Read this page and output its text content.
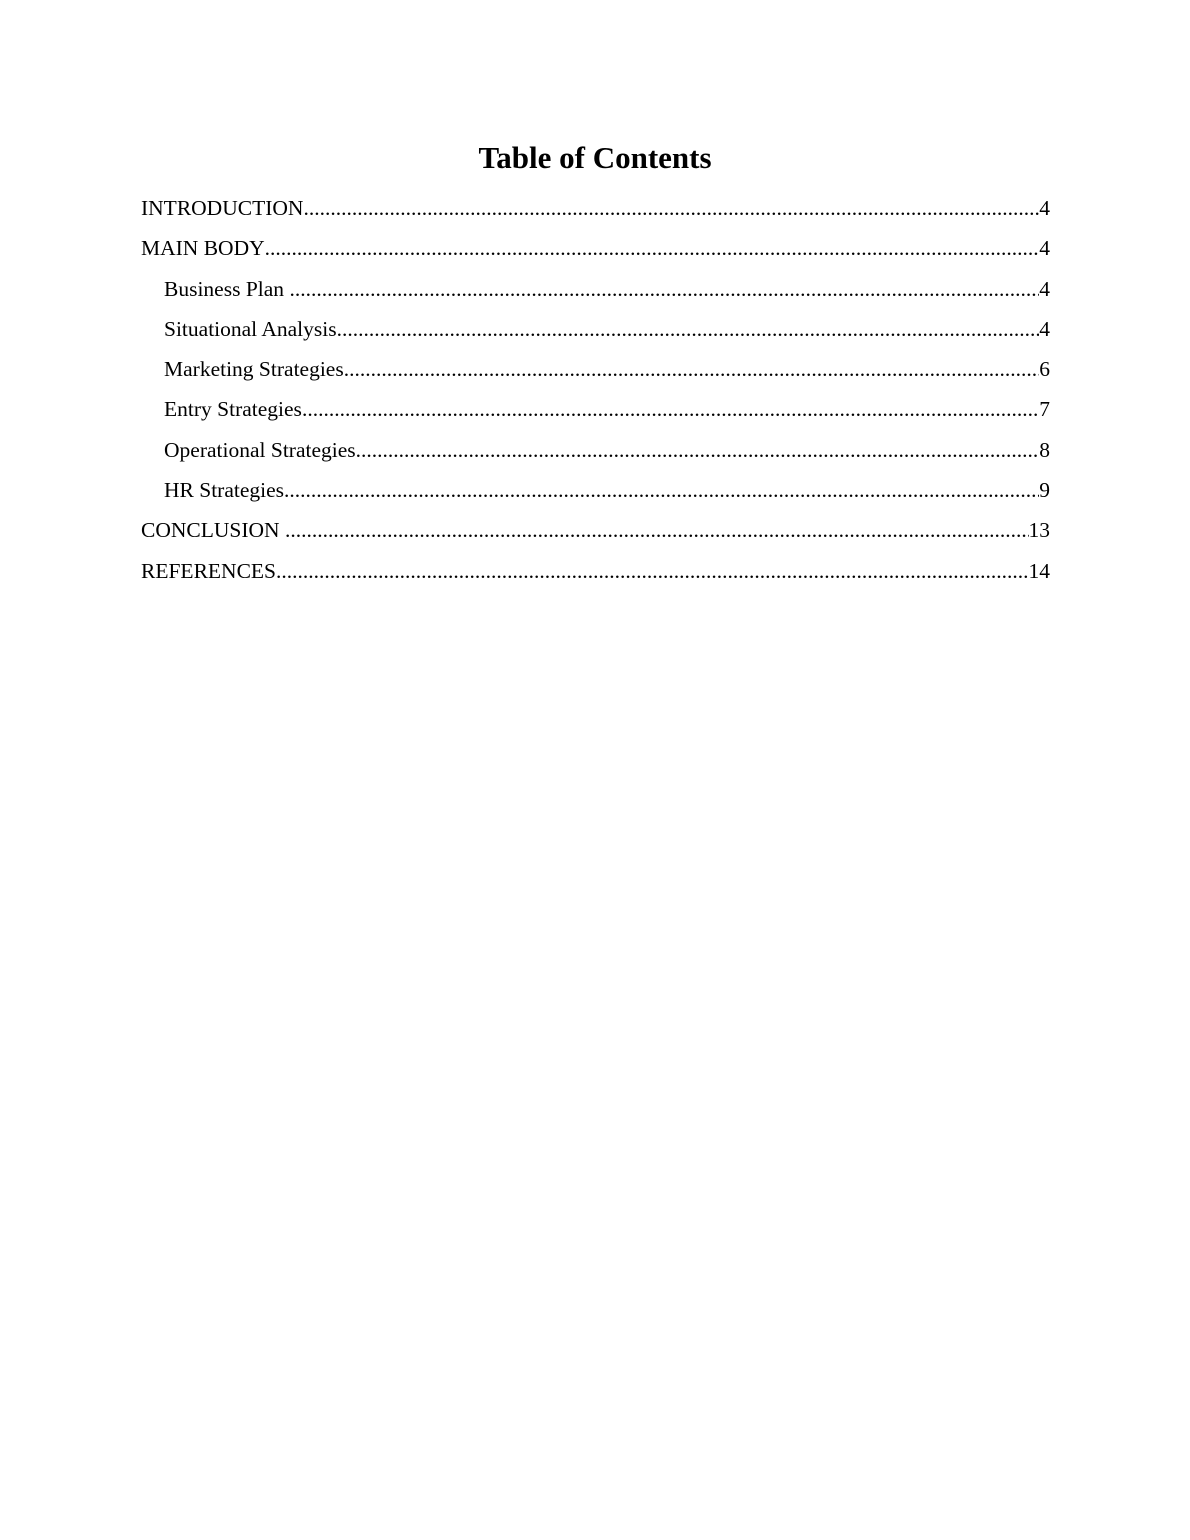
Table of Contents
INTRODUCTION .....	4
MAIN BODY .....	4
Business Plan .....	4
Situational Analysis .....	4
Marketing Strategies .....	6
Entry Strategies .....	7
Operational Strategies .....	8
HR Strategies .....	9
CONCLUSION .....	13
REFERENCES .....	14
